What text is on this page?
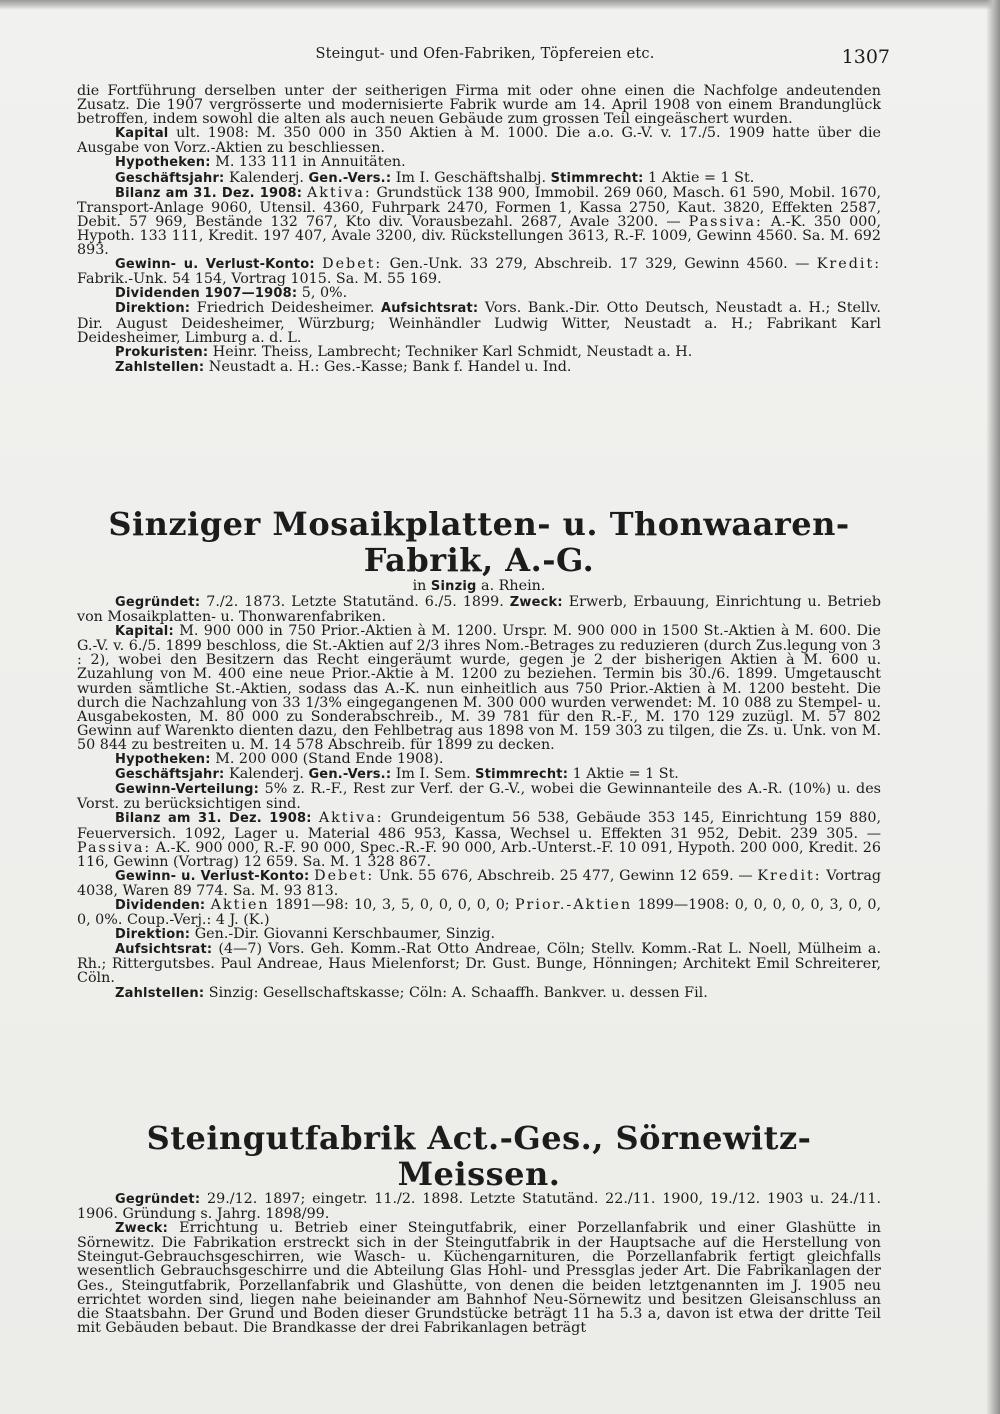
Steingut- und Ofen-Fabriken, Töpfereien etc.	1307

die Fortführung derselben unter der seitherigen Firma mit oder ohne einen die Nachfolge andeutenden Zusatz. Die 1907 vergrösserte und modernisierte Fabrik wurde am 14. April 1908 von einem Brandunglück betroffen, indem sowohl die alten als auch neuen Gebäude zum grossen Teil eingeäschert wurden.

Kapital ult. 1908: M. 350 000 in 350 Aktien à M. 1000. Die a.o. G.-V. v. 17./5. 1909 hatte über die Ausgabe von Vorz.-Aktien zu beschliessen.

Hypotheken: M. 133 111 in Annuitäten.

Geschäftsjahr: Kalenderj. Gen.-Vers.: Im I. Geschäftshalbj. Stimmrecht: 1 Aktie = 1 St.

Bilanz am 31. Dez. 1908: Aktiva: Grundstück 138 900, Immobil. 269 060, Masch. 61 590, Mobil. 1670, Transport-Anlage 9060, Utensil. 4360, Fuhrpark 2470, Formen 1, Kassa 2750, Kaut. 3820, Effekten 2587, Debit. 57 969, Bestände 132 767, Kto div. Vorausbezahl. 2687, Avale 3200. — Passiva: A.-K. 350 000, Hypoth. 133 111, Kredit. 197 407, Avale 3200, div. Rückstellungen 3613, R.-F. 1009, Gewinn 4560. Sa. M. 692 893.

Gewinn- u. Verlust-Konto: Debet: Gen.-Unk. 33 279, Abschreib. 17 329, Gewinn 4560. — Kredit: Fabrik.-Unk. 54 154, Vortrag 1015. Sa. M. 55 169.

Dividenden 1907—1908: 5, 0%.

Direktion: Friedrich Deidesheimer. Aufsichtsrat: Vors. Bank.-Dir. Otto Deutsch, Neustadt a. H.; Stellv. Dir. August Deidesheimer, Würzburg; Weinhändler Ludwig Witter, Neustadt a. H.; Fabrikant Karl Deidesheimer, Limburg a. d. L.

Prokuristen: Heinr. Theiss, Lambrecht; Techniker Karl Schmidt, Neustadt a. H.

Zahlstellen: Neustadt a. H.: Ges.-Kasse; Bank f. Handel u. Ind.

Sinziger Mosaikplatten- u. Thonwaaren-Fabrik, A.-G.

in Sinzig a. Rhein.

Gegründet: 7./2. 1873. Letzte Statutänd. 6./5. 1899. Zweck: Erwerb, Erbauung, Einrichtung u. Betrieb von Mosaikplatten- u. Thonwarenfabriken.

Kapital: M. 900 000 in 750 Prior.-Aktien à M. 1200. Urspr. M. 900 000 in 1500 St.-Aktien à M. 600. Die G.-V. v. 6./5. 1899 beschloss, die St.-Aktien auf 2/3 ihres Nom.-Betrages zu reduzieren (durch Zus.legung von 3 : 2), wobei den Besitzern das Recht eingeräumt wurde, gegen je 2 der bisherigen Aktien à M. 600 u. Zuzahlung von M. 400 eine neue Prior.-Aktie à M. 1200 zu beziehen. Termin bis 30./6. 1899. Umgetauscht wurden sämtliche St.-Aktien, sodass das A.-K. nun einheitlich aus 750 Prior.-Aktien à M. 1200 besteht. Die durch die Nachzahlung von 33 1/3% eingegangenen M. 300 000 wurden verwendet: M. 10 088 zu Stempel- u. Ausgabekosten, M. 80 000 zu Sonderabschreib., M. 39 781 für den R.-F., M. 170 129 zuzügl. M. 57 802 Gewinn auf Warenkto dienten dazu, den Fehlbetrag aus 1898 von M. 159 303 zu tilgen, die Zs. u. Unk. von M. 50 844 zu bestreiten u. M. 14 578 Abschreib. für 1899 zu decken.

Hypotheken: M. 200 000 (Stand Ende 1908).

Geschäftsjahr: Kalenderj. Gen.-Vers.: Im I. Sem. Stimmrecht: 1 Aktie = 1 St.

Gewinn-Verteilung: 5% z. R.-F., Rest zur Verf. der G.-V., wobei die Gewinnanteile des A.-R. (10%) u. des Vorst. zu berücksichtigen sind.

Bilanz am 31. Dez. 1908: Aktiva: Grundeigentum 56 538, Gebäude 353 145, Einrichtung 159 880, Feuerversich. 1092, Lager u. Material 486 953, Kassa, Wechsel u. Effekten 31 952, Debit. 239 305. — Passiva: A.-K. 900 000, R.-F. 90 000, Spec.-R.-F. 90 000, Arb.-Unterst.-F. 10 091, Hypoth. 200 000, Kredit. 26 116, Gewinn (Vortrag) 12 659. Sa. M. 1 328 867.

Gewinn- u. Verlust-Konto: Debet: Unk. 55 676, Abschreib. 25 477, Gewinn 12 659. — Kredit: Vortrag 4038, Waren 89 774. Sa. M. 93 813.

Dividenden: Aktien 1891—98: 10, 3, 5, 0, 0, 0, 0, 0; Prior.-Aktien 1899—1908: 0, 0, 0, 0, 0, 3, 0, 0, 0, 0%. Coup.-Verj.: 4 J. (K.)

Direktion: Gen.-Dir. Giovanni Kerschbaumer, Sinzig.

Aufsichtsrat: (4—7) Vors. Geh. Komm.-Rat Otto Andreae, Cöln; Stellv. Komm.-Rat L. Noell, Mülheim a. Rh.; Rittergutsbes. Paul Andreae, Haus Mielenforst; Dr. Gust. Bunge, Hönningen; Architekt Emil Schreiterer, Cöln.

Zahlstellen: Sinzig: Gesellschaftskasse; Cöln: A. Schaaffh. Bankver. u. dessen Fil.

Steingutfabrik Act.-Ges., Sörnewitz-Meissen.

Gegründet: 29./12. 1897; eingetr. 11./2. 1898. Letzte Statutänd. 22./11. 1900, 19./12. 1903 u. 24./11. 1906. Gründung s. Jahrg. 1898/99.

Zweck: Errichtung u. Betrieb einer Steingutfabrik, einer Porzellanfabrik und einer Glashütte in Sörnewitz. Die Fabrikation erstreckt sich in der Steingutfabrik in der Hauptsache auf die Herstellung von Steingut-Gebrauchsgeschirren, wie Wasch- u. Küchengarnituren, die Porzellanfabrik fertigt gleichfalls wesentlich Gebrauchsgeschirre und die Abteilung Glas Hohl- und Pressglas jeder Art. Die Fabrikanlagen der Ges., Steingutfabrik, Porzellanfabrik und Glashütte, von denen die beiden letztgenannten im J. 1905 neu errichtet worden sind, liegen nahe beieinander am Bahnhof Neu-Sörnewitz und besitzen Gleisanschluss an die Staatsbahn. Der Grund und Boden dieser Grundstücke beträgt 11 ha 5.3 a, davon ist etwa der dritte Teil mit Gebäuden bebaut. Die Brandkasse der drei Fabrikanlagen beträgt
